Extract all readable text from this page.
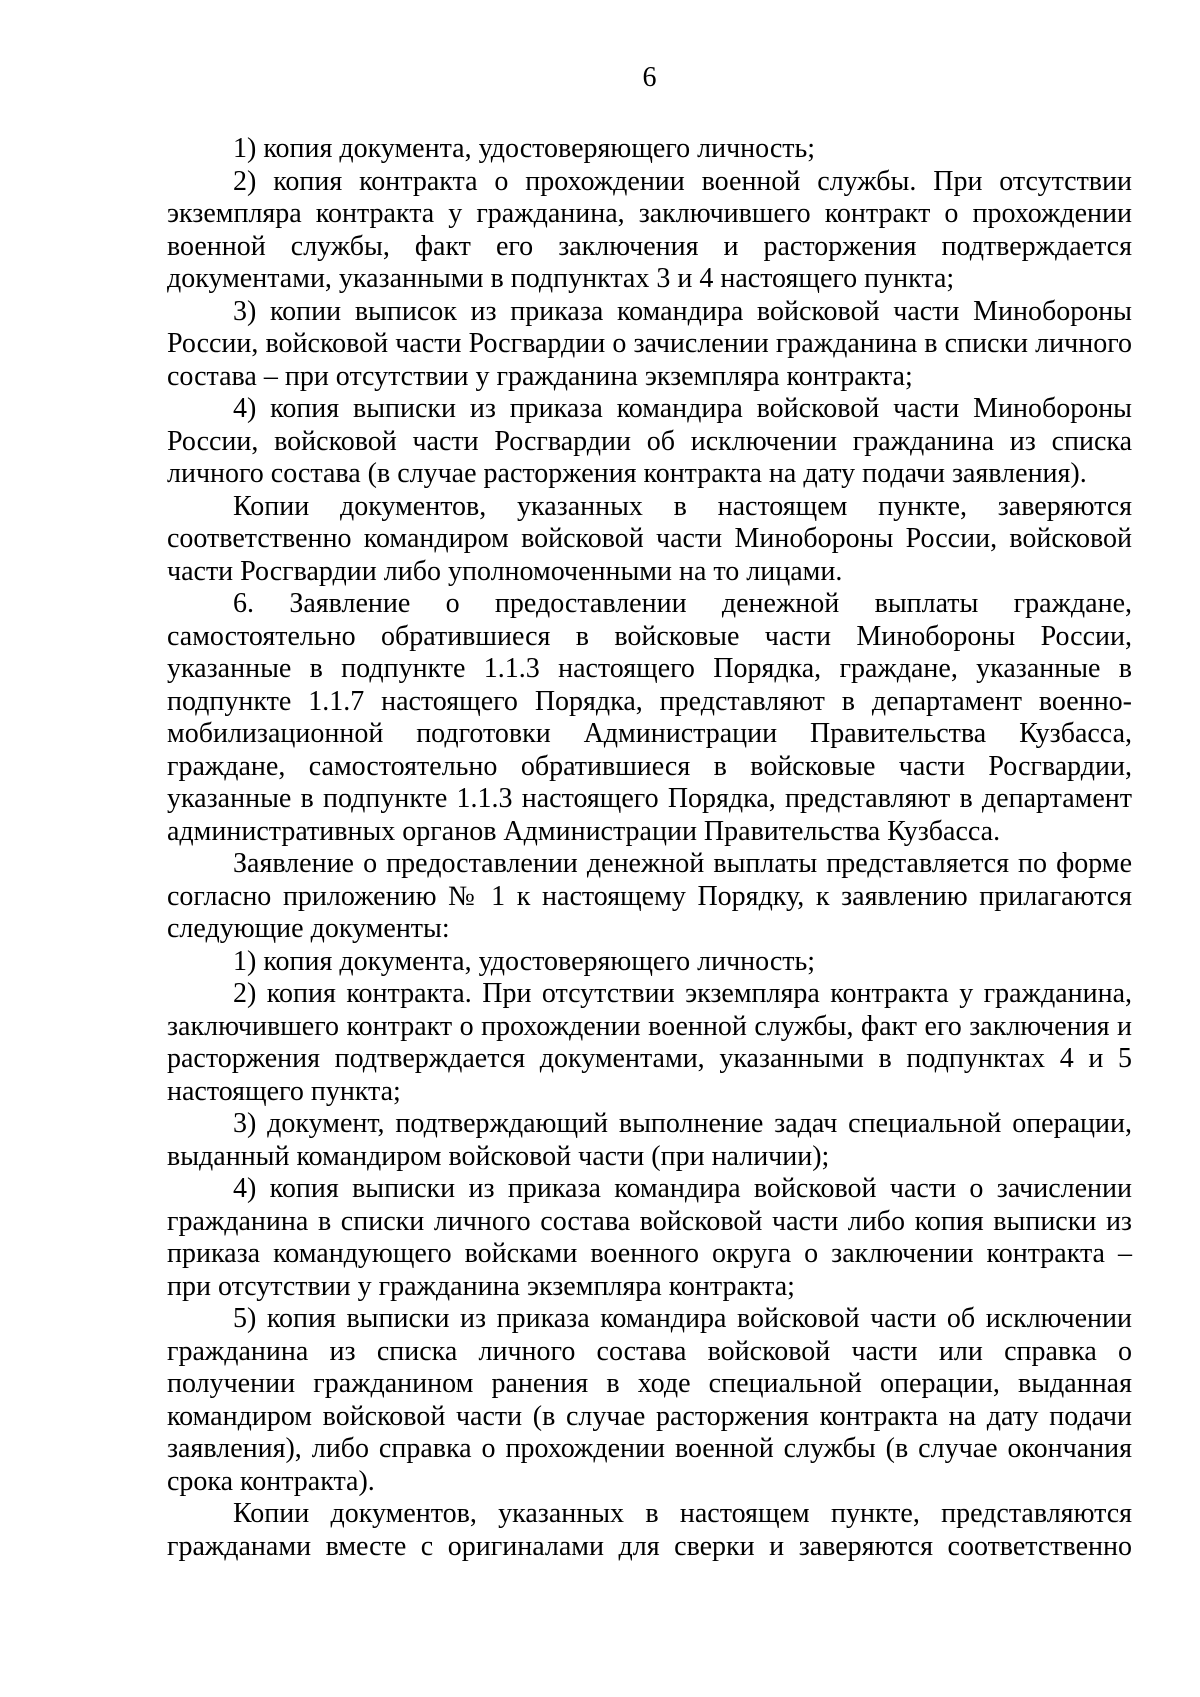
6

1) копия документа, удостоверяющего личность;

2) копия контракта о прохождении военной службы. При отсутствии экземпляра контракта у гражданина, заключившего контракт о прохождении военной службы, факт его заключения и расторжения подтверждается документами, указанными в подпунктах 3 и 4 настоящего пункта;

3) копии выписок из приказа командира войсковой части Минобороны России, войсковой части Росгвардии о зачислении гражданина в списки личного состава – при отсутствии у гражданина экземпляра контракта;

4) копия выписки из приказа командира войсковой части Минобороны России, войсковой части Росгвардии об исключении гражданина из списка личного состава (в случае расторжения контракта на дату подачи заявления).

Копии документов, указанных в настоящем пункте, заверяются соответственно командиром войсковой части Минобороны России, войсковой части Росгвардии либо уполномоченными на то лицами.

6. Заявление о предоставлении денежной выплаты граждане, самостоятельно обратившиеся в войсковые части Минобороны России, указанные в подпункте 1.1.3 настоящего Порядка, граждане, указанные в подпункте 1.1.7 настоящего Порядка, представляют в департамент военно-мобилизационной подготовки Администрации Правительства Кузбасса, граждане, самостоятельно обратившиеся в войсковые части Росгвардии, указанные в подпункте 1.1.3 настоящего Порядка, представляют в департамент административных органов Администрации Правительства Кузбасса.

Заявление о предоставлении денежной выплаты представляется по форме согласно приложению № 1 к настоящему Порядку, к заявлению прилагаются следующие документы:

1) копия документа, удостоверяющего личность;

2) копия контракта. При отсутствии экземпляра контракта у гражданина, заключившего контракт о прохождении военной службы, факт его заключения и расторжения подтверждается документами, указанными в подпунктах 4 и 5 настоящего пункта;

3) документ, подтверждающий выполнение задач специальной операции, выданный командиром войсковой части (при наличии);

4) копия выписки из приказа командира войсковой части о зачислении гражданина в списки личного состава войсковой части либо копия выписки из приказа командующего войсками военного округа о заключении контракта – при отсутствии у гражданина экземпляра контракта;

5) копия выписки из приказа командира войсковой части об исключении гражданина из списка личного состава войсковой части или справка о получении гражданином ранения в ходе специальной операции, выданная командиром войсковой части (в случае расторжения контракта на дату подачи заявления), либо справка о прохождении военной службы (в случае окончания срока контракта).

Копии документов, указанных в настоящем пункте, представляются гражданами вместе с оригиналами для сверки и заверяются соответственно
